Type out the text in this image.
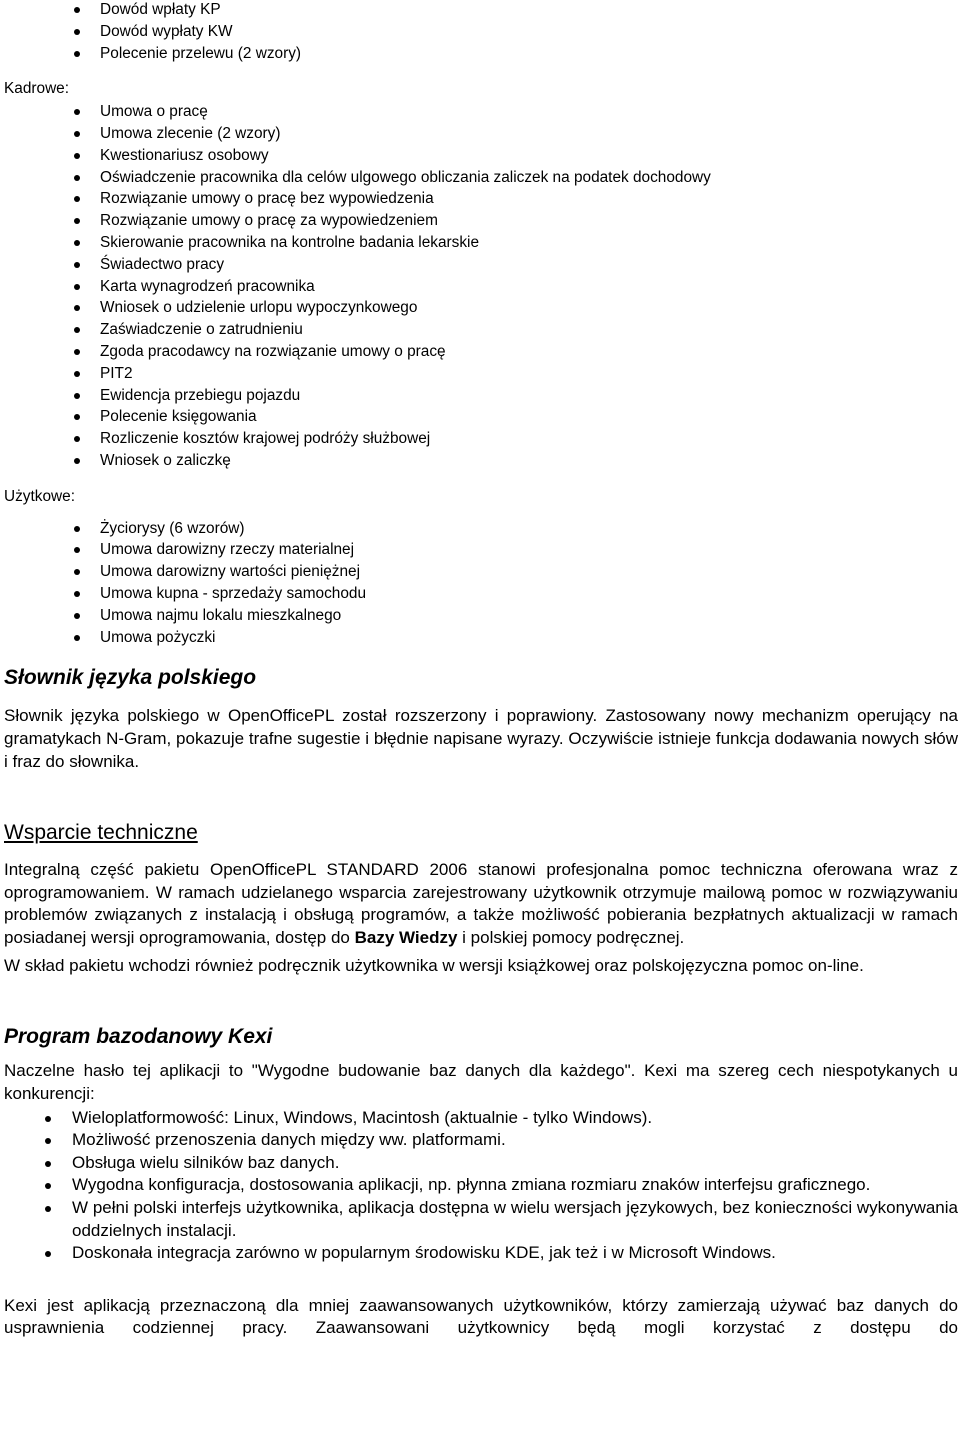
Dowód wpłaty KP
Dowód wypłaty KW
Polecenie przelewu (2 wzory)
Kadrowe:
Umowa o pracę
Umowa zlecenie (2 wzory)
Kwestionariusz osobowy
Oświadczenie pracownika dla celów ulgowego obliczania zaliczek na podatek dochodowy
Rozwiązanie umowy o pracę bez wypowiedzenia
Rozwiązanie umowy o pracę za wypowiedzeniem
Skierowanie pracownika na kontrolne badania lekarskie
Świadectwo pracy
Karta wynagrodzeń pracownika
Wniosek o udzielenie urlopu wypoczynkowego
Zaświadczenie o zatrudnieniu
Zgoda pracodawcy na rozwiązanie umowy o pracę
PIT2
Ewidencja przebiegu pojazdu
Polecenie księgowania
Rozliczenie kosztów krajowej podróży służbowej
Wniosek o zaliczkę
Użytkowe:
Życiorysy (6 wzorów)
Umowa darowizny rzeczy materialnej
Umowa darowizny wartości pieniężnej
Umowa kupna - sprzedaży samochodu
Umowa najmu lokalu mieszkalnego
Umowa pożyczki
Słownik języka polskiego

Słownik języka polskiego w OpenOfficePL został rozszerzony i poprawiony. Zastosowany nowy mechanizm operujący na gramatykach N-Gram, pokazuje trafne sugestie i błędnie napisane wyrazy. Oczywiście istnieje funkcja dodawania nowych słów i fraz do słownika.

Wsparcie techniczne

Integralną część pakietu OpenOfficePL STANDARD 2006 stanowi profesjonalna pomoc techniczna oferowana wraz z oprogramowaniem. W ramach udzielanego wsparcia zarejestrowany użytkownik otrzymuje mailową pomoc w rozwiązywaniu problemów związanych z instalacją i obsługą programów, a także możliwość pobierania bezpłatnych aktualizacji w ramach posiadanej wersji oprogramowania, dostęp do Bazy Wiedzy i polskiej pomocy podręcznej.

W skład pakietu wchodzi również podręcznik użytkownika w wersji książkowej oraz polskojęzyczna pomoc on-line.

Program bazodanowy Kexi

Naczelne hasło tej aplikacji to "Wygodne budowanie baz danych dla każdego". Kexi ma szereg cech niespotykanych u konkurencji:

Wieloplatformowość: Linux, Windows, Macintosh (aktualnie - tylko Windows).
Możliwość przenoszenia danych między ww. platformami.
Obsługa wielu silników baz danych.
Wygodna konfiguracja, dostosowania aplikacji, np. płynna zmiana rozmiaru znaków interfejsu graficznego.
W pełni polski interfejs użytkownika, aplikacja dostępna w wielu wersjach językowych, bez konieczności wykonywania oddzielnych instalacji.
Doskonała integracja zarówno w popularnym środowisku KDE, jak też i w Microsoft Windows.

Kexi jest aplikacją przeznaczoną dla mniej zaawansowanych użytkowników, którzy zamierzają używać baz danych do usprawnienia codziennej pracy. Zaawansowani użytkownicy będą mogli korzystać z dostępu do
